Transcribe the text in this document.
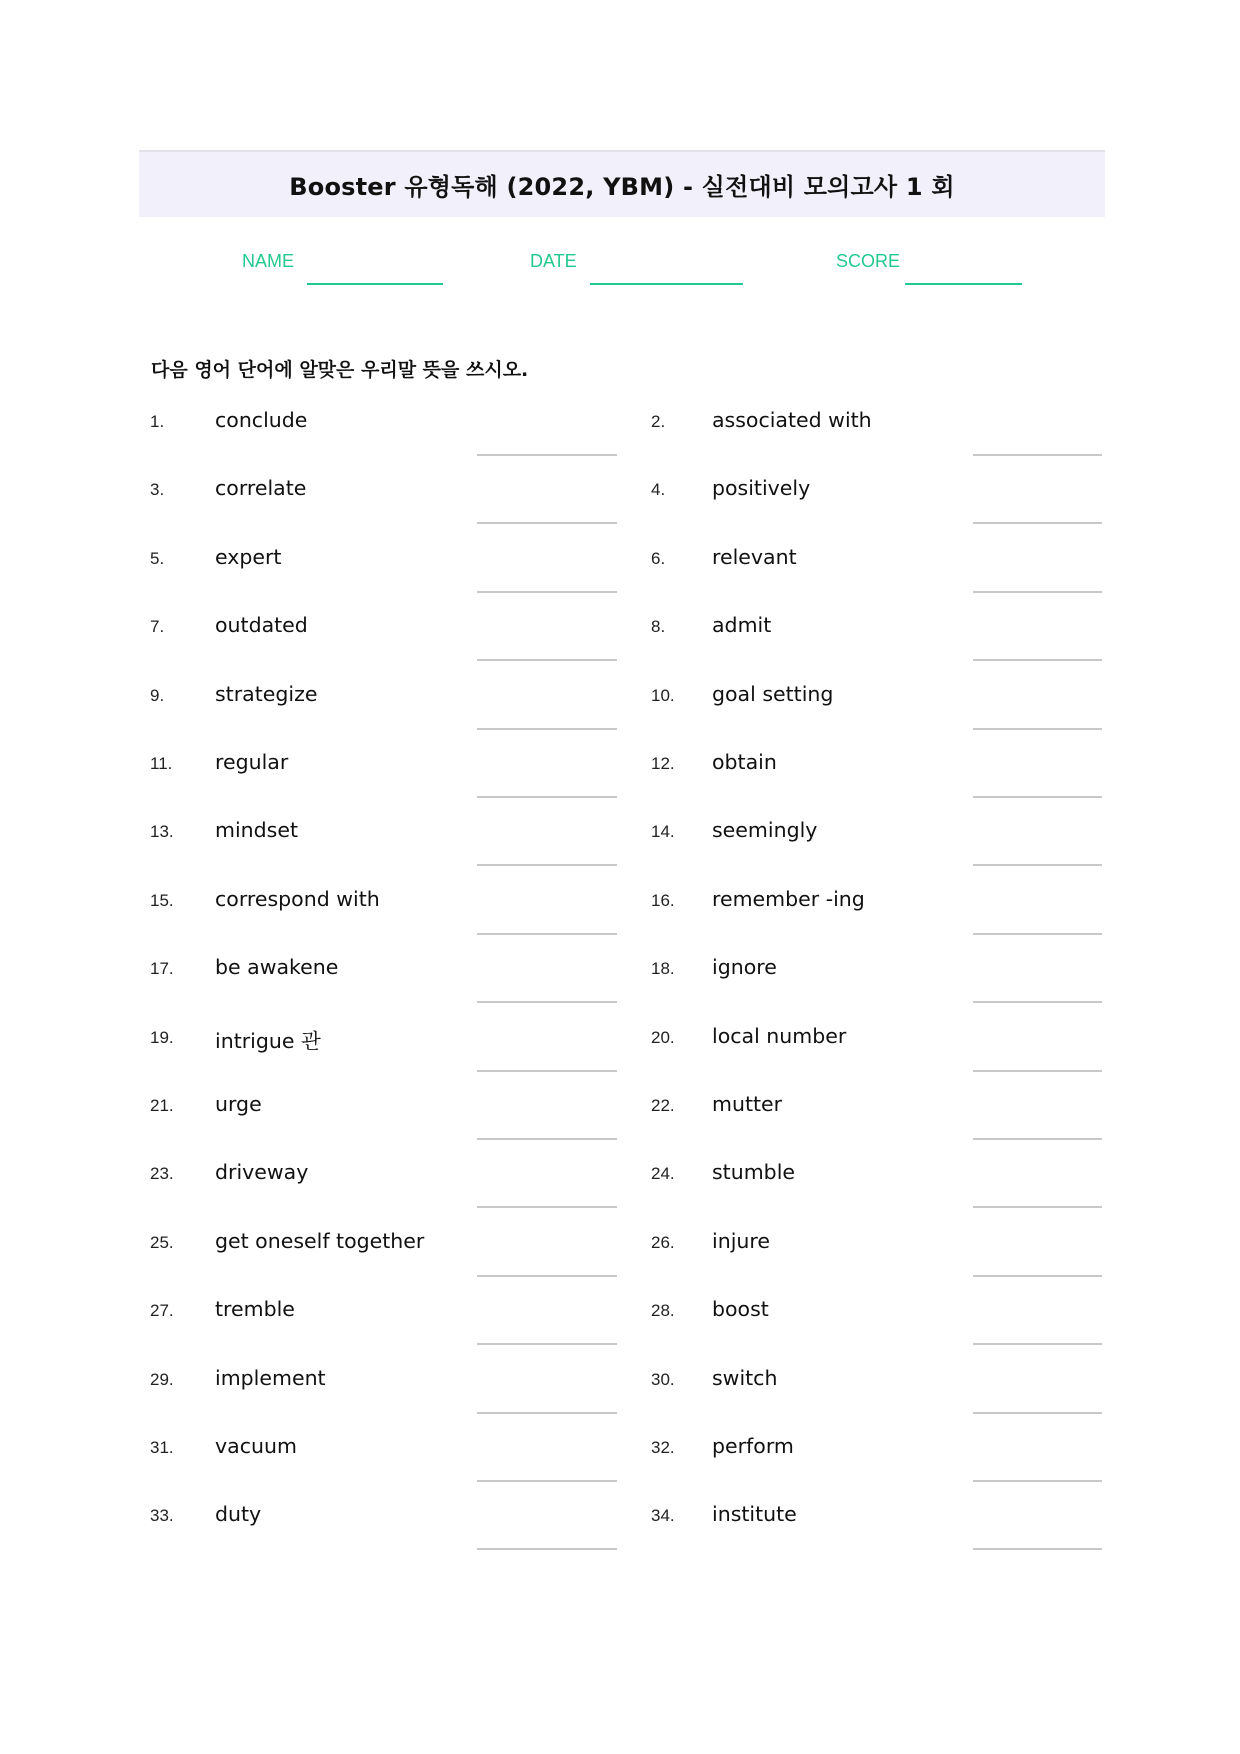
Booster 유형독해 (2022, YBM) - 실전대비 모의고사 1 회
NAME	DATE	SCORE
다음 영어 단어에 알맞은 우리말 뜻을 쓰시오.
1. conclude	2. associated with
3. correlate	4. positively
5. expert	6. relevant
7. outdated	8. admit
9. strategize	10. goal setting
11. regular	12. obtain
13. mindset	14. seemingly
15. correspond with	16. remember -ing
17. be awakene	18. ignore
19. intrigue 관	20. local number
21. urge	22. mutter
23. driveway	24. stumble
25. get oneself together	26. injure
27. tremble	28. boost
29. implement	30. switch
31. vacuum	32. perform
33. duty	34. institute
